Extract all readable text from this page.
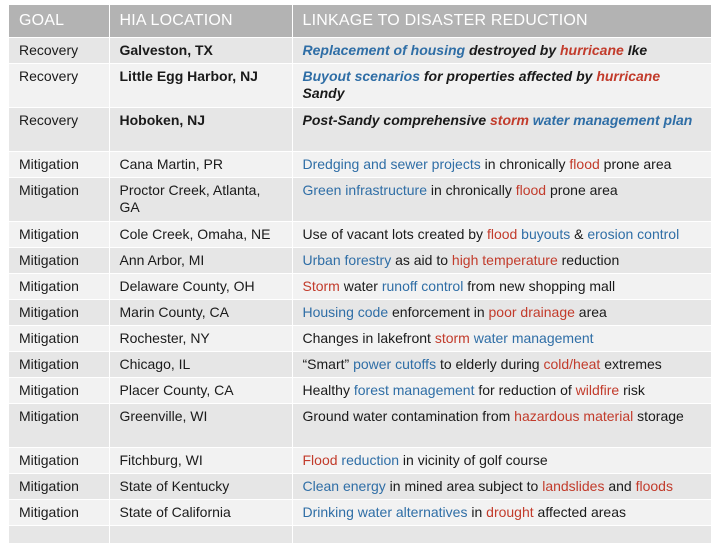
GOAL	HIA LOCATION	LINKAGE TO DISASTER REDUCTION
Recovery	Galveston, TX	Replacement of housing destroyed by hurricane Ike
Recovery	Little Egg Harbor, NJ	Buyout scenarios for properties affected by hurricane Sandy
Recovery	Hoboken, NJ	Post-Sandy comprehensive storm water management plan
Mitigation	Cana Martin, PR	Dredging and sewer projects in chronically flood prone area
Mitigation	Proctor Creek, Atlanta, GA	Green infrastructure in chronically flood prone area
Mitigation	Cole Creek, Omaha, NE	Use of vacant lots created by flood buyouts & erosion control
Mitigation	Ann Arbor, MI	Urban forestry as aid to high temperature reduction
Mitigation	Delaware County, OH	Storm water runoff control from new shopping mall
Mitigation	Marin County, CA	Housing code enforcement in poor drainage area
Mitigation	Rochester, NY	Changes in lakefront storm water management
Mitigation	Chicago, IL	“Smart” power cutoffs to elderly during cold/heat extremes
Mitigation	Placer County, CA	Healthy forest management for reduction of wildfire risk
Mitigation	Greenville, WI	Ground water contamination from hazardous material storage
Mitigation	Fitchburg, WI	Flood reduction in vicinity of golf course
Mitigation	State of Kentucky	Clean energy in mined area subject to landslides and floods
Mitigation	State of California	Drinking water alternatives in drought affected areas
